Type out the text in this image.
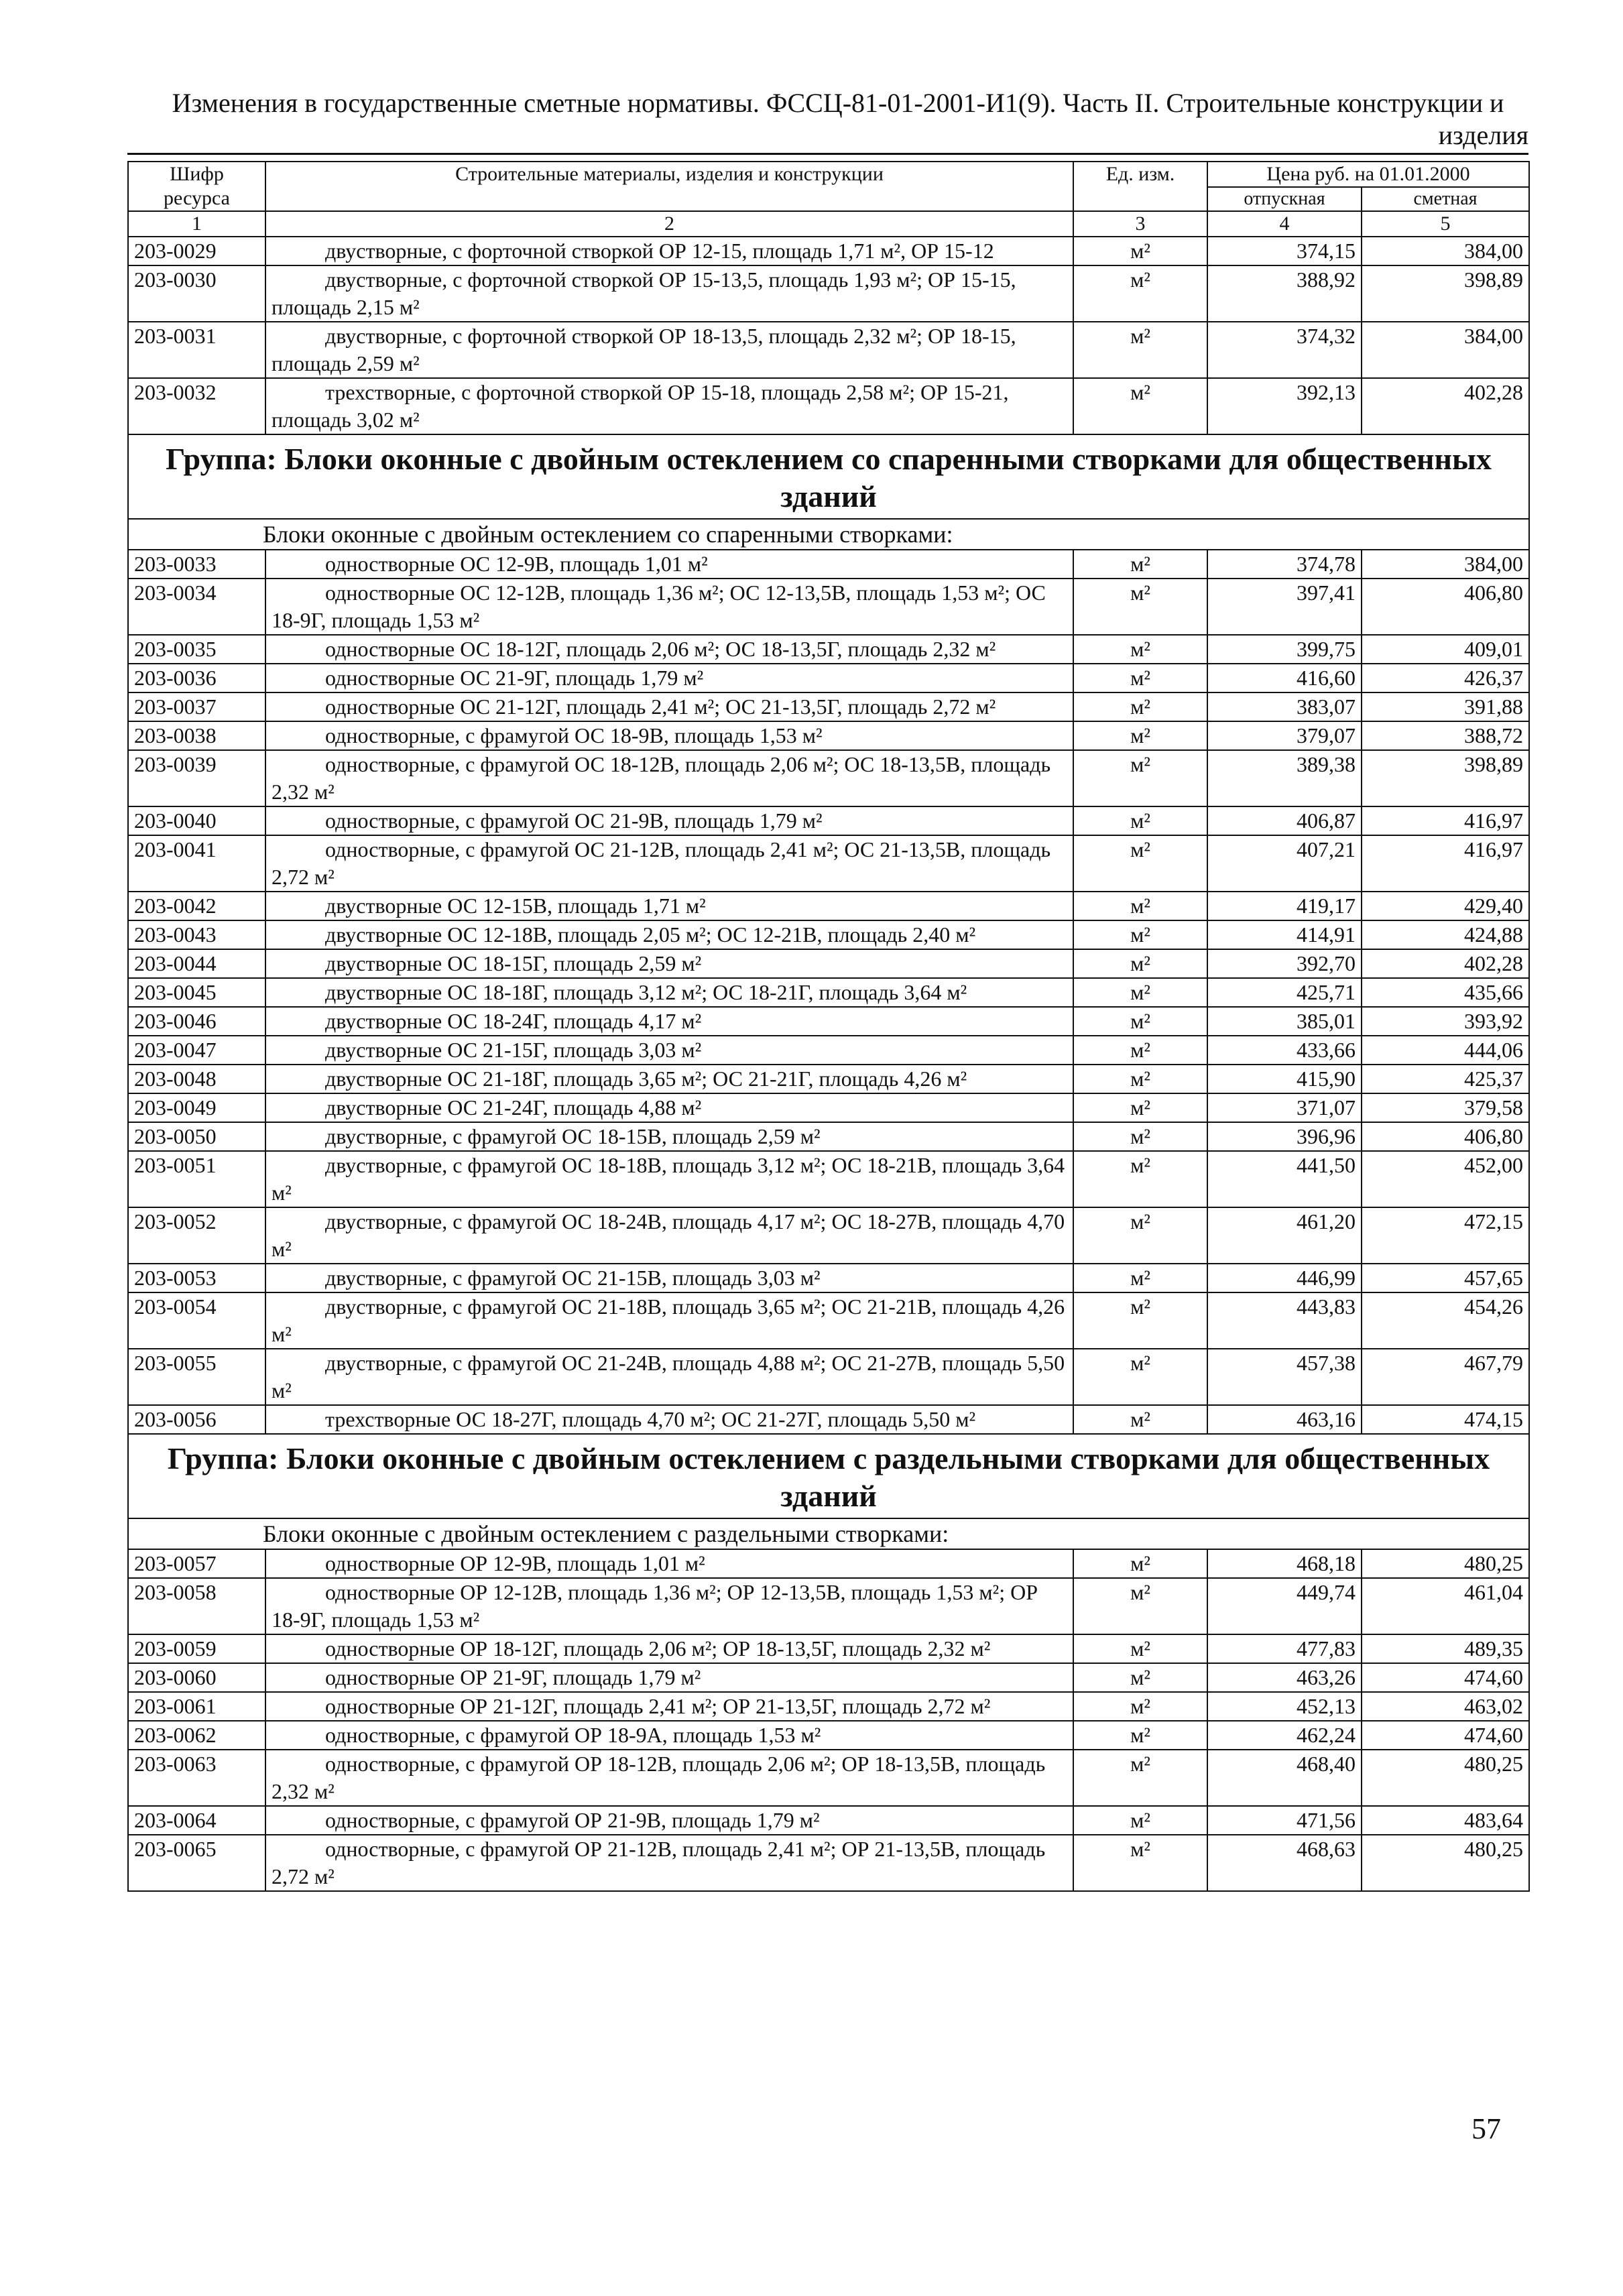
Изменения в государственные сметные нормативы. ФССЦ-81-01-2001-И1(9). Часть II. Строительные конструкции и
изделия
Шифр ресурса	Строительные материалы, изделия и конструкции	Ед. изм.	Цена руб. на 01.01.2000	
			отпускная	сметная
1	2	3	4	5
203-0029	двустворные, с форточной створкой ОР 12-15, площадь 1,71 м², ОР 15-12	м²	374,15	384,00
203-0030	двустворные, с форточной створкой ОР 15-13,5, площадь 1,93 м²; ОР 15-15, площадь 2,15 м²	м²	388,92	398,89
203-0031	двустворные, с форточной створкой ОР 18-13,5, площадь 2,32 м²; ОР 18-15, площадь 2,59 м²	м²	374,32	384,00
203-0032	трехстворные, с форточной створкой ОР 15-18, площадь 2,58 м²; ОР 15-21, площадь 3,02 м²	м²	392,13	402,28
Группа: Блоки оконные с двойным остеклением со спаренными створками для общественных зданий				
Блоки оконные с двойным остеклением со спаренными створками:				
203-0033	одностворные ОС 12-9В, площадь 1,01 м²	м²	374,78	384,00
203-0034	одностворные ОС 12-12В, площадь 1,36 м²; ОС 12-13,5В, площадь 1,53 м²; ОС 18-9Г, площадь 1,53 м²	м²	397,41	406,80
203-0035	одностворные ОС 18-12Г, площадь 2,06 м²; ОС 18-13,5Г, площадь 2,32 м²	м²	399,75	409,01
203-0036	одностворные ОС 21-9Г, площадь 1,79 м²	м²	416,60	426,37
203-0037	одностворные ОС 21-12Г, площадь 2,41 м²; ОС 21-13,5Г, площадь 2,72 м²	м²	383,07	391,88
203-0038	одностворные, с фрамугой ОС 18-9В, площадь 1,53 м²	м²	379,07	388,72
203-0039	одностворные, с фрамугой ОС 18-12В, площадь 2,06 м²; ОС 18-13,5В, площадь 2,32 м²	м²	389,38	398,89
203-0040	одностворные, с фрамугой ОС 21-9В, площадь 1,79 м²	м²	406,87	416,97
203-0041	одностворные, с фрамугой ОС 21-12В, площадь 2,41 м²; ОС 21-13,5В, площадь 2,72 м²	м²	407,21	416,97
203-0042	двустворные ОС 12-15В, площадь 1,71 м²	м²	419,17	429,40
203-0043	двустворные ОС 12-18В, площадь 2,05 м²; ОС 12-21В, площадь 2,40 м²	м²	414,91	424,88
203-0044	двустворные ОС 18-15Г, площадь 2,59 м²	м²	392,70	402,28
203-0045	двустворные ОС 18-18Г, площадь 3,12 м²; ОС 18-21Г, площадь 3,64 м²	м²	425,71	435,66
203-0046	двустворные ОС 18-24Г, площадь 4,17 м²	м²	385,01	393,92
203-0047	двустворные ОС 21-15Г, площадь 3,03 м²	м²	433,66	444,06
203-0048	двустворные ОС 21-18Г, площадь 3,65 м²; ОС 21-21Г, площадь 4,26 м²	м²	415,90	425,37
203-0049	двустворные ОС 21-24Г, площадь 4,88 м²	м²	371,07	379,58
203-0050	двустворные, с фрамугой ОС 18-15В, площадь 2,59 м²	м²	396,96	406,80
203-0051	двустворные, с фрамугой ОС 18-18В, площадь 3,12 м²; ОС 18-21В, площадь 3,64 м²	м²	441,50	452,00
203-0052	двустворные, с фрамугой ОС 18-24В, площадь 4,17 м²; ОС 18-27В, площадь 4,70 м²	м²	461,20	472,15
203-0053	двустворные, с фрамугой ОС 21-15В, площадь 3,03 м²	м²	446,99	457,65
203-0054	двустворные, с фрамугой ОС 21-18В, площадь 3,65 м²; ОС 21-21В, площадь 4,26 м²	м²	443,83	454,26
203-0055	двустворные, с фрамугой ОС 21-24В, площадь 4,88 м²; ОС 21-27В, площадь 5,50 м²	м²	457,38	467,79
203-0056	трехстворные ОС 18-27Г, площадь 4,70 м²; ОС 21-27Г, площадь 5,50 м²	м²	463,16	474,15
Группа: Блоки оконные с двойным остеклением с раздельными створками для общественных зданий				
Блоки оконные с двойным остеклением с раздельными створками:				
203-0057	одностворные ОР 12-9В, площадь 1,01 м²	м²	468,18	480,25
203-0058	одностворные ОР 12-12В, площадь 1,36 м²; ОР 12-13,5В, площадь 1,53 м²; ОР 18-9Г, площадь 1,53 м²	м²	449,74	461,04
203-0059	одностворные ОР 18-12Г, площадь 2,06 м²; ОР 18-13,5Г, площадь 2,32 м²	м²	477,83	489,35
203-0060	одностворные ОР 21-9Г, площадь 1,79 м²	м²	463,26	474,60
203-0061	одностворные ОР 21-12Г, площадь 2,41 м²; ОР 21-13,5Г, площадь 2,72 м²	м²	452,13	463,02
203-0062	одностворные, с фрамугой ОР 18-9А, площадь 1,53 м²	м²	462,24	474,60
203-0063	одностворные, с фрамугой ОР 18-12В, площадь 2,06 м²; ОР 18-13,5В, площадь 2,32 м²	м²	468,40	480,25
203-0064	одностворные, с фрамугой ОР 21-9В, площадь 1,79 м²	м²	471,56	483,64
203-0065	одностворные, с фрамугой ОР 21-12В, площадь 2,41 м²; ОР 21-13,5В, площадь 2,72 м²	м²	468,63	480,25
57
